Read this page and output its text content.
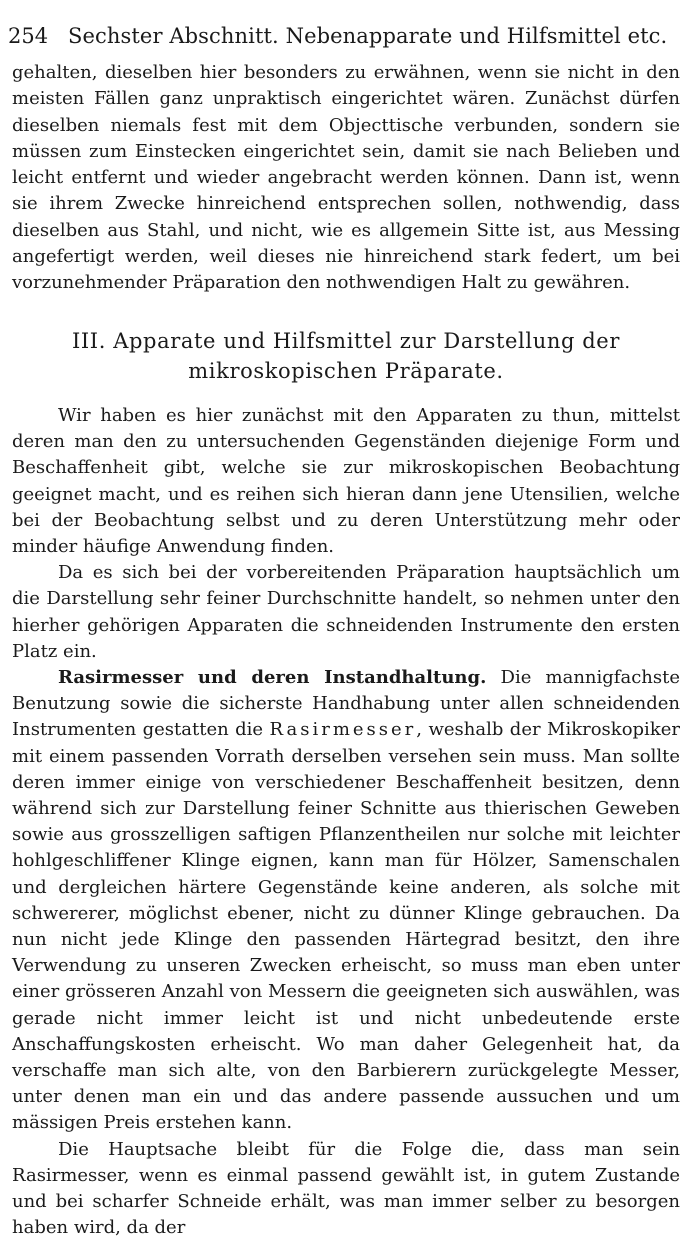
254 Sechster Abschnitt. Nebenapparate und Hilfsmittel etc.

gehalten, dieselben hier besonders zu erwähnen, wenn sie nicht in den meisten Fällen ganz unpraktisch eingerichtet wären. Zunächst dürfen dieselben niemals fest mit dem Objecttische verbunden, sondern sie müssen zum Einstecken eingerichtet sein, damit sie nach Belieben und leicht entfernt und wieder angebracht werden können. Dann ist, wenn sie ihrem Zwecke hinreichend entsprechen sollen, nothwendig, dass dieselben aus Stahl, und nicht, wie es allgemein Sitte ist, aus Messing angefertigt werden, weil dieses nie hinreichend stark federt, um bei vorzunehmender Präparation den nothwendigen Halt zu gewähren.

III. Apparate und Hilfsmittel zur Darstellung der
mikroskopischen Präparate.

Wir haben es hier zunächst mit den Apparaten zu thun, mittelst deren man den zu untersuchenden Gegenständen diejenige Form und Beschaffenheit gibt, welche sie zur mikroskopischen Beobachtung geeignet macht, und es reihen sich hieran dann jene Utensilien, welche bei der Beobachtung selbst und zu deren Unterstützung mehr oder minder häufige Anwendung finden.

Da es sich bei der vorbereitenden Präparation hauptsächlich um die Darstellung sehr feiner Durchschnitte handelt, so nehmen unter den hierher gehörigen Apparaten die schneidenden Instrumente den ersten Platz ein.

Rasirmesser und deren Instandhaltung. Die mannigfachste Benutzung sowie die sicherste Handhabung unter allen schneidenden Instrumenten gestatten die Rasirmesser, weshalb der Mikroskopiker mit einem passenden Vorrath derselben versehen sein muss. Man sollte deren immer einige von verschiedener Beschaffenheit besitzen, denn während sich zur Darstellung feiner Schnitte aus thierischen Geweben sowie aus grosszelligen saftigen Pflanzentheilen nur solche mit leichter hohlgeschliffener Klinge eignen, kann man für Hölzer, Samenschalen und dergleichen härtere Gegenstände keine anderen, als solche mit schwererer, möglichst ebener, nicht zu dünner Klinge gebrauchen. Da nun nicht jede Klinge den passenden Härtegrad besitzt, den ihre Verwendung zu unseren Zwecken erheischt, so muss man eben unter einer grösseren Anzahl von Messern die geeigneten sich auswählen, was gerade nicht immer leicht ist und nicht unbedeutende erste Anschaffungskosten erheischt. Wo man daher Gelegenheit hat, da verschaffe man sich alte, von den Barbierern zurückgelegte Messer, unter denen man ein und das andere passende aussuchen und um mässigen Preis erstehen kann.

Die Hauptsache bleibt für die Folge die, dass man sein Rasirmesser, wenn es einmal passend gewählt ist, in gutem Zustande und bei scharfer Schneide erhält, was man immer selber zu besorgen haben wird, da der
